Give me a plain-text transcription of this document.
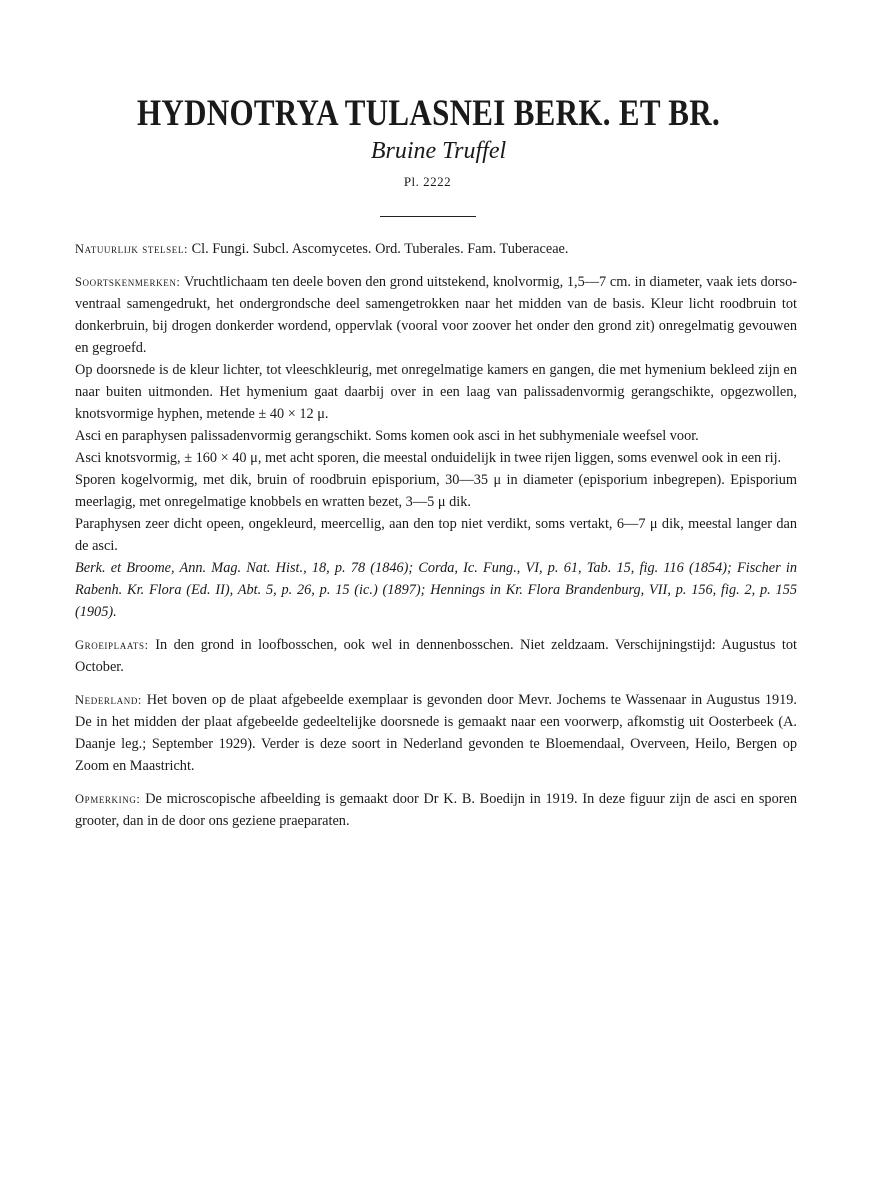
HYDNOTRYA TULASNEI BERK. ET BR.
Bruine Truffel
Pl. 2222

Natuurlijk stelsel: Cl. Fungi. Subcl. Ascomycetes. Ord. Tuberales. Fam. Tuberaceae.

Soortskenmerken: Vruchtlichaam ten deele boven den grond uitstekend, knolvormig, 1,5—7 cm. in diameter, vaak iets dorso-ventraal samengedrukt, het ondergrondsche deel samengetrokken naar het midden van de basis. Kleur licht roodbruin tot donkerbruin, bij drogen donkerder wordend, oppervlak (vooral voor zoover het onder den grond zit) onregelmatig gevouwen en gegroefd.

Op doorsnede is de kleur lichter, tot vleeschkleurig, met onregelmatige kamers en gangen, die met hymenium bekleed zijn en naar buiten uitmonden. Het hymenium gaat daarbij over in een laag van palissadenvormig gerangschikte, opgezwollen, knotsvormige hyphen, metende ± 40 × 12 μ.

Asci en paraphysen palissadenvormig gerangschikt. Soms komen ook asci in het subhymeniale weefsel voor.

Asci knotsvormig, ± 160 × 40 μ, met acht sporen, die meestal onduidelijk in twee rijen liggen, soms evenwel ook in een rij.

Sporen kogelvormig, met dik, bruin of roodbruin episporium, 30—35 μ in diameter (episporium inbegrepen). Episporium meerlagig, met onregelmatige knobbels en wratten bezet, 3—5 μ dik.

Paraphysen zeer dicht opeen, ongekleurd, meercellig, aan den top niet verdikt, soms vertakt, 6—7 μ dik, meestal langer dan de asci.

Berk. et Broome, Ann. Mag. Nat. Hist., 18, p. 78 (1846); Corda, Ic. Fung., VI, p. 61, Tab. 15, fig. 116 (1854); Fischer in Rabenh. Kr. Flora (Ed. II), Abt. 5, p. 26, p. 15 (ic.) (1897); Hennings in Kr. Flora Brandenburg, VII, p. 156, fig. 2, p. 155 (1905).

Groeiplaats: In den grond in loofbosschen, ook wel in dennenbosschen. Niet zeldzaam. Verschijningstijd: Augustus tot October.

Nederland: Het boven op de plaat afgebeelde exemplaar is gevonden door Mevr. Jochems te Wassenaar in Augustus 1919. De in het midden der plaat afgebeelde gedeeltelijke doorsnede is gemaakt naar een voorwerp, afkomstig uit Oosterbeek (A. Daanje leg.; September 1929). Verder is deze soort in Nederland gevonden te Bloemendaal, Overveen, Heilo, Bergen op Zoom en Maastricht.

Opmerking: De microscopische afbeelding is gemaakt door Dr K. B. Boedijn in 1919. In deze figuur zijn de asci en sporen grooter, dan in de door ons geziene praeparaten.
